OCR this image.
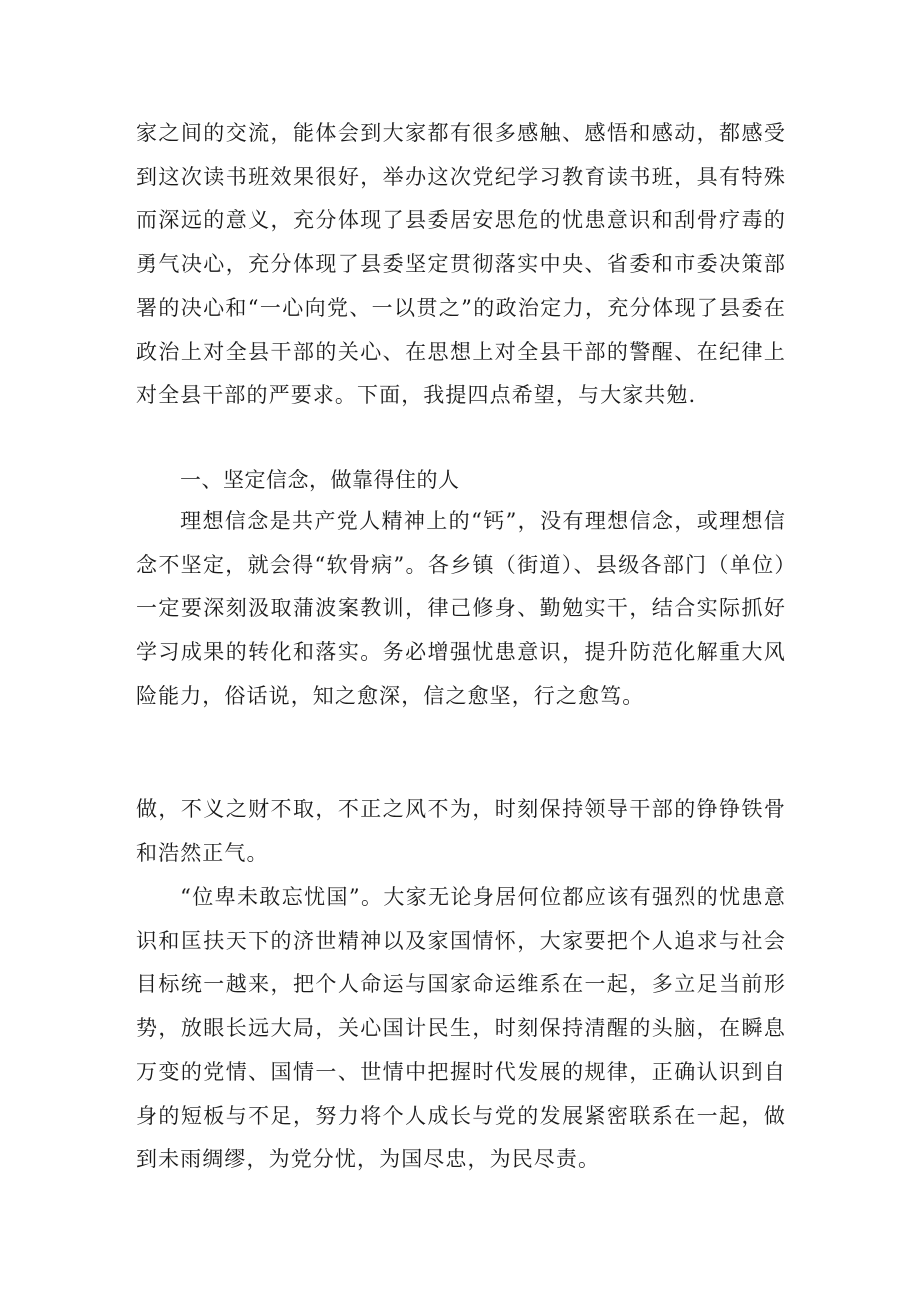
家之间的交流，能体会到大家都有很多感触、感悟和感动，都感受到这次读书班效果很好，举办这次党纪学习教育读书班，具有特殊而深远的意义，充分体现了县委居安思危的忧患意识和刮骨疗毒的勇气决心，充分体现了县委坚定贯彻落实中央、省委和市委决策部署的决心和“一心向党、一以贯之”的政治定力，充分体现了县委在政治上对全县干部的关心、在思想上对全县干部的警醒、在纪律上对全县干部的严要求。下面，我提四点希望，与大家共勉.

一、坚定信念，做靠得住的人

理想信念是共产党人精神上的“钙”，没有理想信念，或理想信念不坚定，就会得“软骨病”。各乡镇（街道）、县级各部门（单位）一定要深刻汲取蒲波案教训，律己修身、勤勉实干，结合实际抓好学习成果的转化和落实。务必增强忧患意识，提升防范化解重大风险能力，俗话说，知之愈深，信之愈坚，行之愈笃。

做，不义之财不取，不正之风不为，时刻保持领导干部的铮铮铁骨和浩然正气。

“位卑未敢忘忧国”。大家无论身居何位都应该有强烈的忧患意识和匡扶天下的济世精神以及家国情怀，大家要把个人追求与社会目标统一越来，把个人命运与国家命运维系在一起，多立足当前形势，放眼长远大局，关心国计民生，时刻保持清醒的头脑，在瞬息万变的党情、国情一、世情中把握时代发展的规律，正确认识到自身的短板与不足，努力将个人成长与党的发展紧密联系在一起，做到未雨绸缪，为党分忧，为国尽忠，为民尽责。
